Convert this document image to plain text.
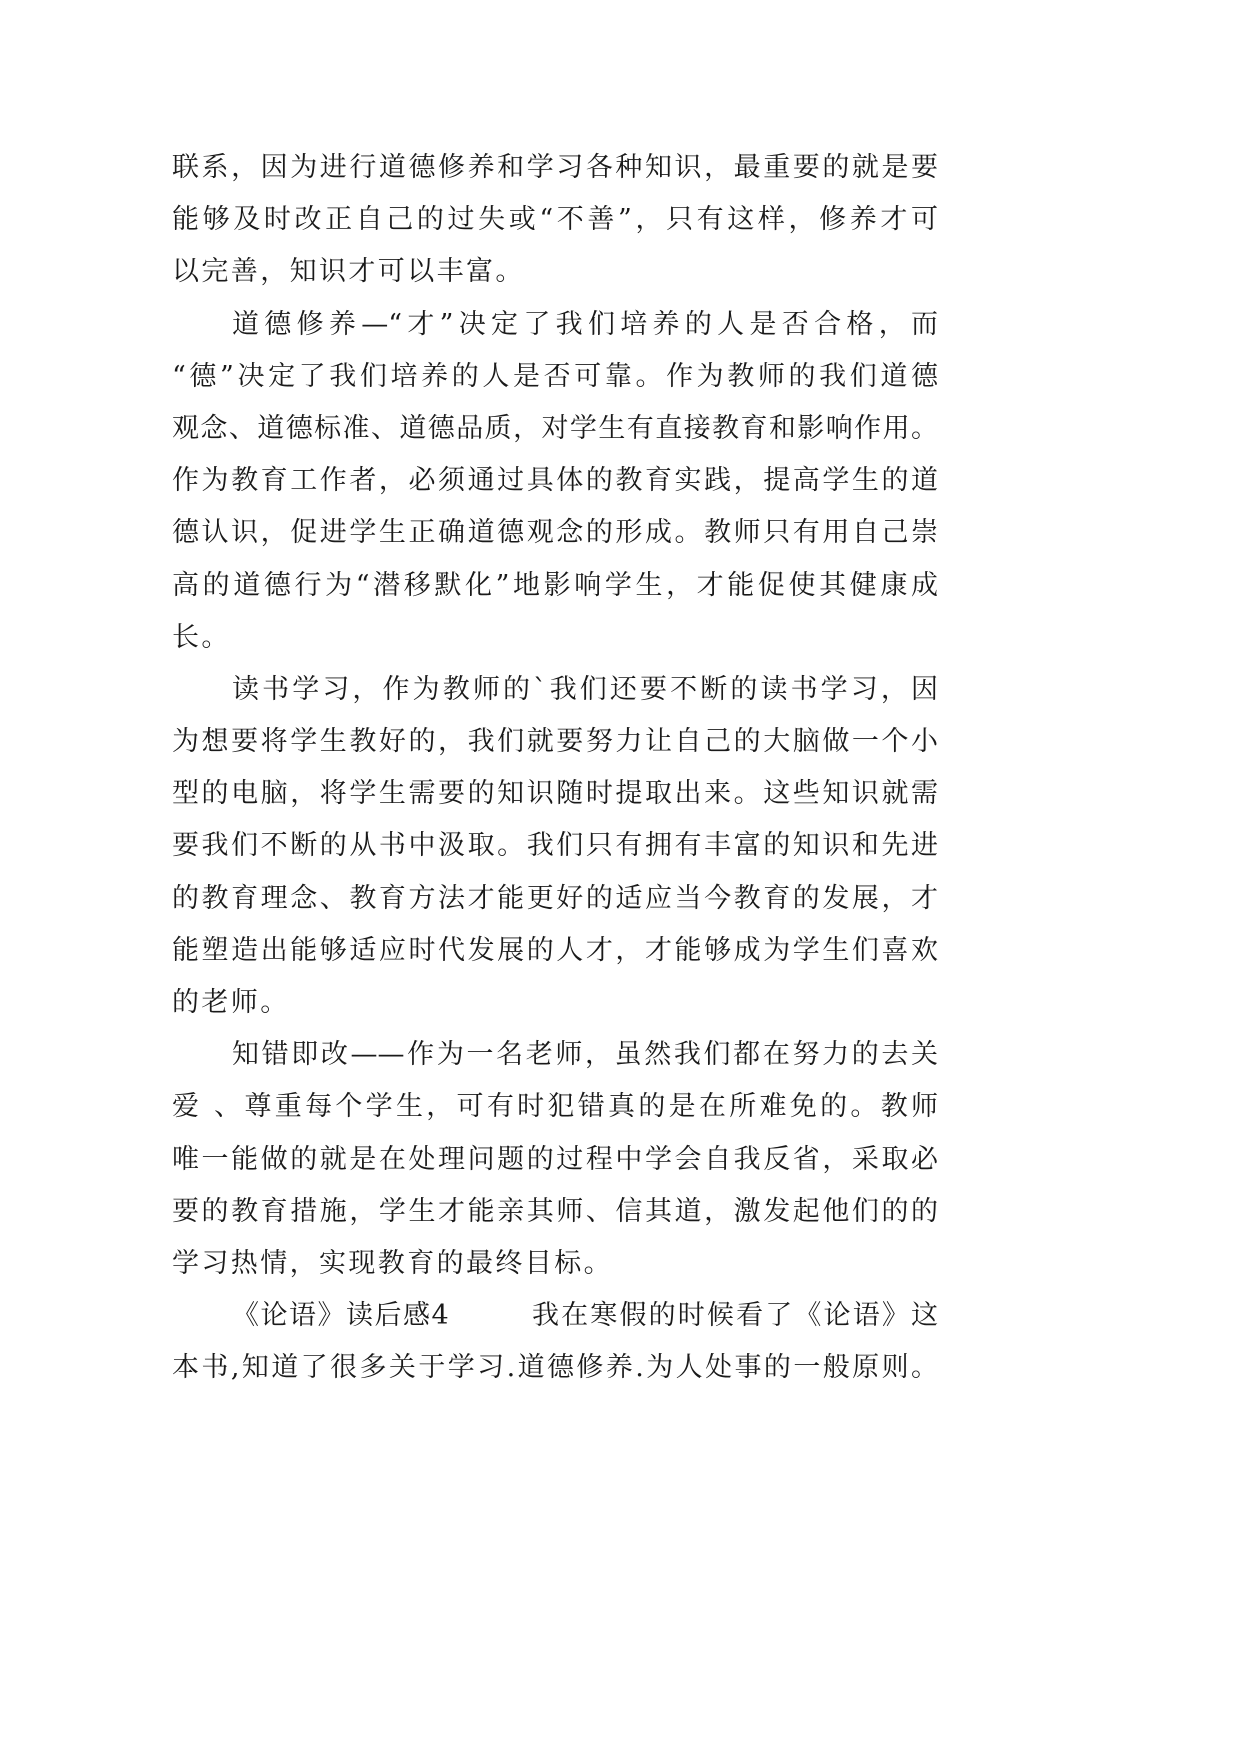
联系，因为进行道德修养和学习各种知识，最重要的就是要
能够及时改正自己的过失或“不善”，只有这样，修养才可
以完善，知识才可以丰富。
道德修养—“才”决定了我们培养的人是否合格，而
“德”决定了我们培养的人是否可靠。作为教师的我们道德
观念、道德标准、道德品质，对学生有直接教育和影响作用。
作为教育工作者，必须通过具体的教育实践，提高学生的道
德认识，促进学生正确道德观念的形成。教师只有用自己崇
高的道德行为“潜移默化”地影响学生，才能促使其健康成
长。
读书学习，作为教师的`我们还要不断的读书学习，因
为想要将学生教好的，我们就要努力让自己的大脑做一个小
型的电脑，将学生需要的知识随时提取出来。这些知识就需
要我们不断的从书中汲取。我们只有拥有丰富的知识和先进
的教育理念、教育方法才能更好的适应当今教育的发展，才
能塑造出能够适应时代发展的人才，才能够成为学生们喜欢
的老师。
知错即改——作为一名老师，虽然我们都在努力的去关
爱 、尊重每个学生，可有时犯错真的是在所难免的。教师
唯一能做的就是在处理问题的过程中学会自我反省，采取必
要的教育措施，学生才能亲其师、信其道，激发起他们的的
学习热情，实现教育的最终目标。
《论语》读后感4	我在寒假的时候看了《论语》这
本书,知道了很多关于学习.道德修养.为人处事的一般原则。
